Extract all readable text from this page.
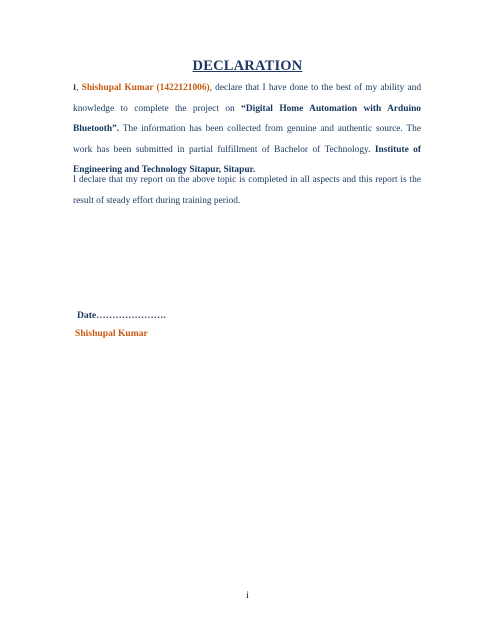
DECLARATION
I, Shishupal Kumar (1422121006), declare that I have done to the best of my ability and knowledge to complete the project on “Digital Home Automation with Arduino Bluetooth”. The information has been collected from genuine and authentic source. The work has been submitted in partial fulfillment of Bachelor of Technology. Institute of Engineering and Technology Sitapur, Sitapur.
I declare that my report on the above topic is completed in all aspects and this report is the result of steady effort during training period.
Date………………….
Shishupal Kumar
i
